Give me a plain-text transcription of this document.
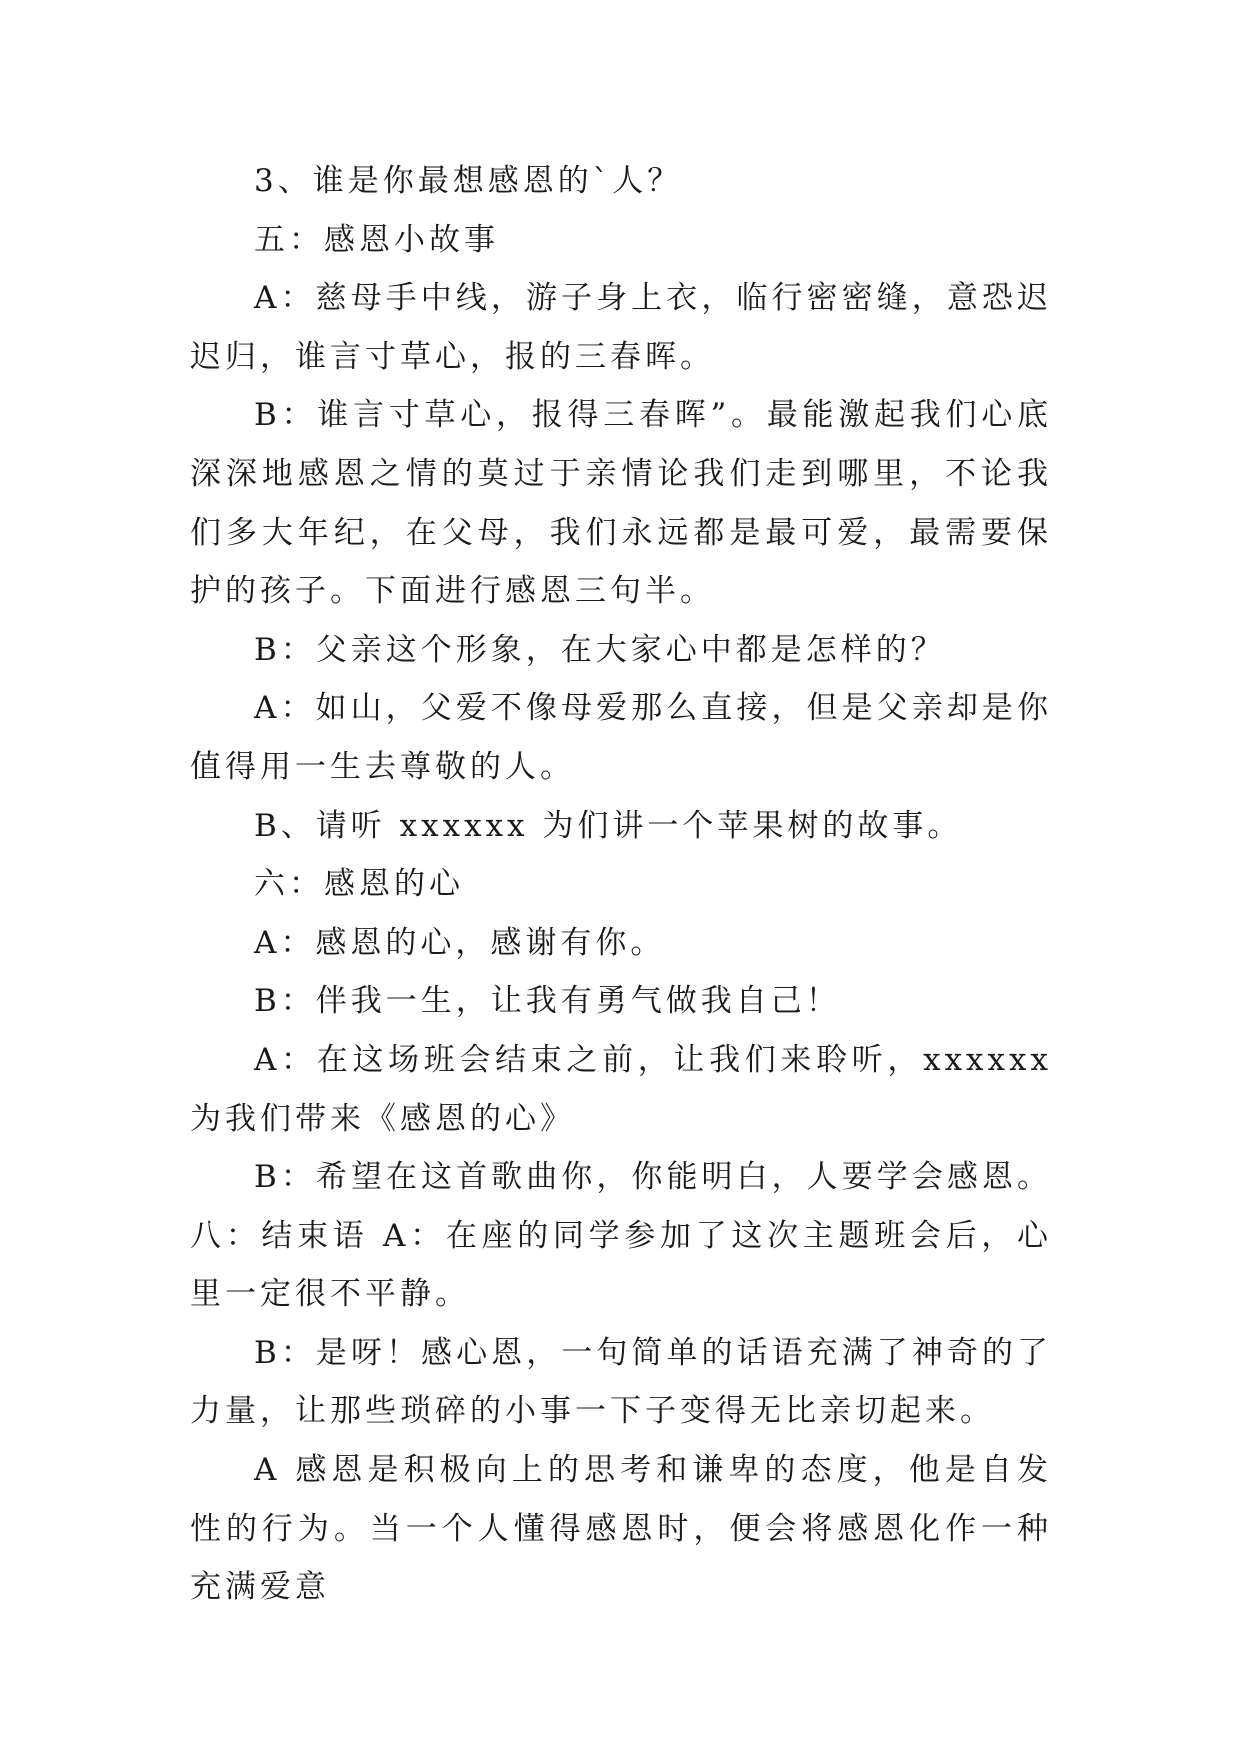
3、谁是你最想感恩的`人？

五：感恩小故事

A：慈母手中线，游子身上衣，临行密密缝，意恐迟迟归，谁言寸草心，报的三春晖。

B：谁言寸草心，报得三春晖”。最能激起我们心底深深地感恩之情的莫过于亲情论我们走到哪里，不论我们多大年纪，在父母，我们永远都是最可爱，最需要保护的孩子。下面进行感恩三句半。

B：父亲这个形象，在大家心中都是怎样的？

A：如山，父爱不像母爱那么直接，但是父亲却是你值得用一生去尊敬的人。

B、请听 xxxxxx 为们讲一个苹果树的故事。

六：感恩的心

A：感恩的心，感谢有你。

B：伴我一生，让我有勇气做我自己！

A：在这场班会结束之前，让我们来聆听，xxxxxx 为我们带来《感恩的心》

B：希望在这首歌曲你，你能明白，人要学会感恩。八：结束语 A：在座的同学参加了这次主题班会后，心里一定很不平静。

B：是呀！感心恩，一句简单的话语充满了神奇的了力量，让那些琐碎的小事一下子变得无比亲切起来。

A 感恩是积极向上的思考和谦卑的态度，他是自发性的行为。当一个人懂得感恩时，便会将感恩化作一种充满爱意
